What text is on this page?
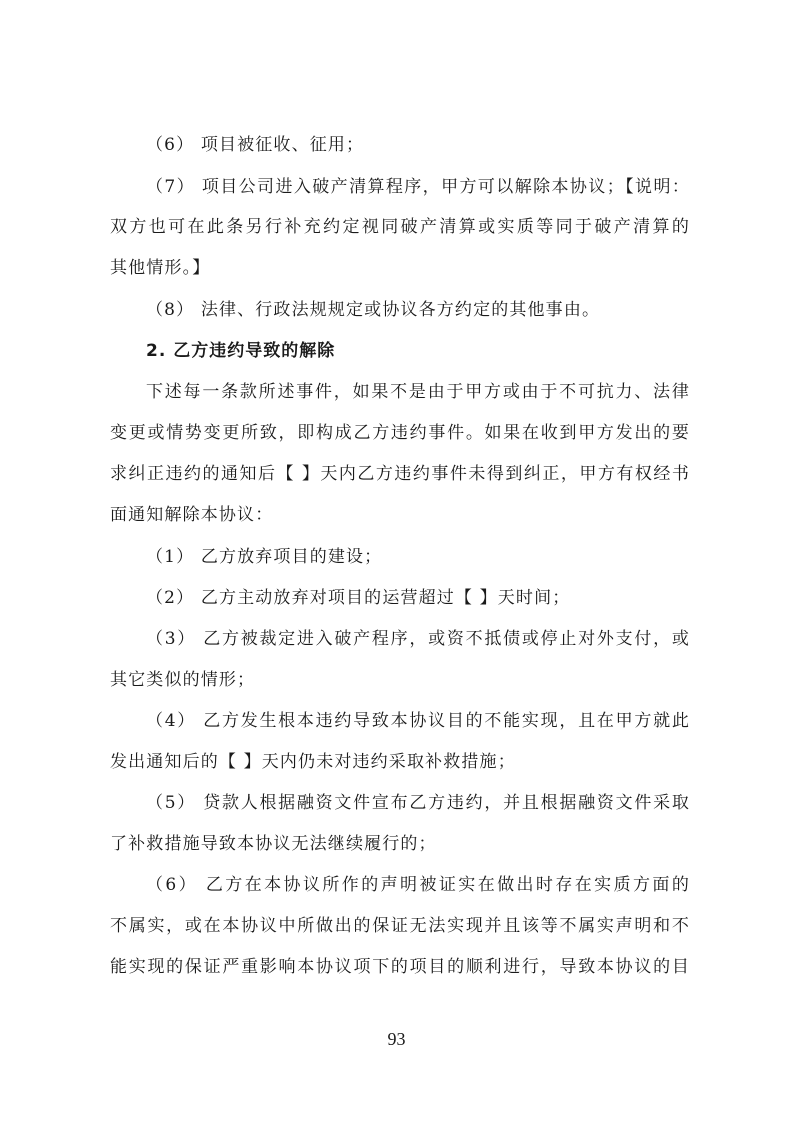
（6） 项目被征收、征用；
（7） 项目公司进入破产清算程序，甲方可以解除本协议；【说明：
双方也可在此条另行补充约定视同破产清算或实质等同于破产清算的
其他情形。】
（8） 法律、行政法规规定或协议各方约定的其他事由。
2. 乙方违约导致的解除
下述每一条款所述事件，如果不是由于甲方或由于不可抗力、法律
变更或情势变更所致，即构成乙方违约事件。如果在收到甲方发出的要
求纠正违约的通知后【 】天内乙方违约事件未得到纠正，甲方有权经书
面通知解除本协议：
（1） 乙方放弃项目的建设；
（2） 乙方主动放弃对项目的运营超过【 】天时间；
（3） 乙方被裁定进入破产程序，或资不抵债或停止对外支付，或
其它类似的情形；
（4） 乙方发生根本违约导致本协议目的不能实现，且在甲方就此
发出通知后的【 】天内仍未对违约采取补救措施；
（5） 贷款人根据融资文件宣布乙方违约，并且根据融资文件采取
了补救措施导致本协议无法继续履行的；
（6） 乙方在本协议所作的声明被证实在做出时存在实质方面的
不属实，或在本协议中所做出的保证无法实现并且该等不属实声明和不
能实现的保证严重影响本协议项下的项目的顺利进行，导致本协议的目
93
